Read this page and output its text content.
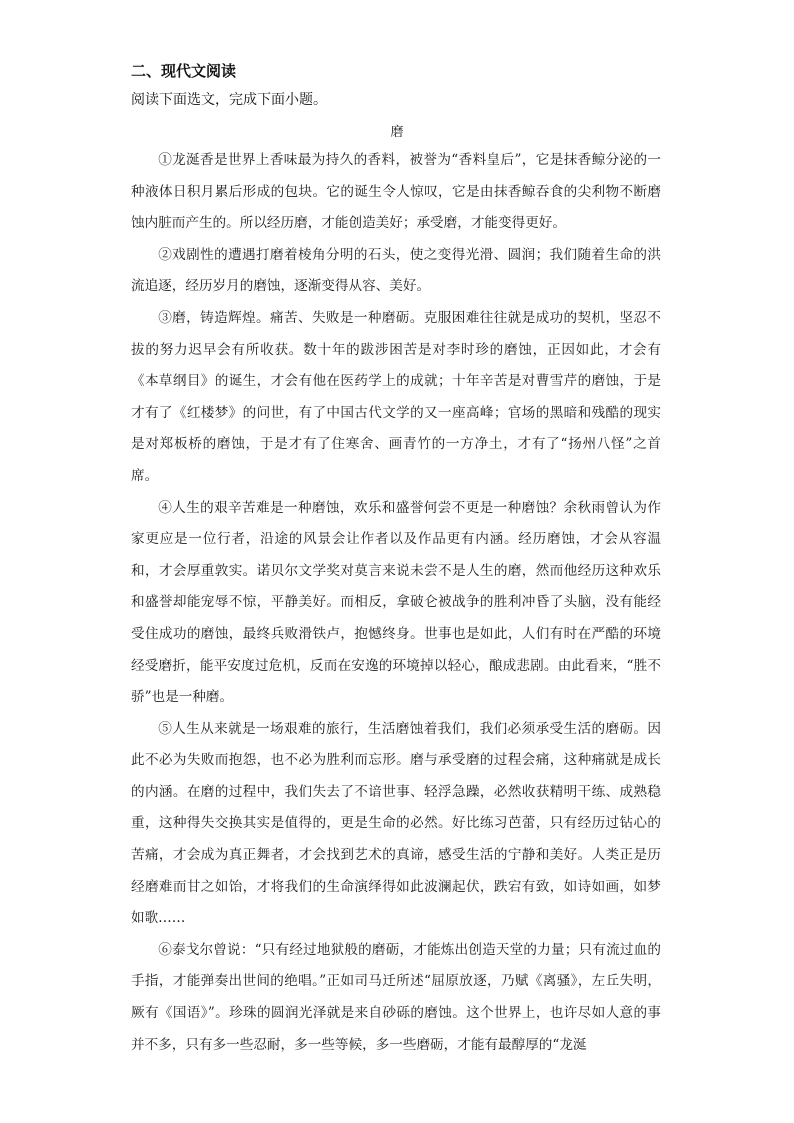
二、现代文阅读
阅读下面选文，完成下面小题。
磨

①龙涎香是世界上香味最为持久的香料，被誉为“香料皇后”，它是抹香鲸分泌的一种液体日积月累后形成的包块。它的诞生令人惊叹，它是由抹香鲸吞食的尖利物不断磨蚀内脏而产生的。所以经历磨，才能创造美好；承受磨，才能变得更好。

②戏剧性的遭遇打磨着棱角分明的石头，使之变得光滑、圆润；我们随着生命的洪流追逐，经历岁月的磨蚀，逐渐变得从容、美好。

③磨，铸造辉煌。痛苦、失败是一种磨砺。克服困难往往就是成功的契机，坚忍不拔的努力迟早会有所收获。数十年的跋涉困苦是对李时珍的磨蚀，正因如此，才会有《本草纲目》的诞生，才会有他在医药学上的成就；十年辛苦是对曹雪芹的磨蚀，于是才有了《红楼梦》的问世，有了中国古代文学的又一座高峰；官场的黑暗和残酷的现实是对郑板桥的磨蚀，于是才有了住寒舍、画青竹的一方净土，才有了“扬州八怪”之首席。

④人生的艰辛苦难是一种磨蚀，欢乐和盛誉何尝不更是一种磨蚀？余秋雨曾认为作家更应是一位行者，沿途的风景会让作者以及作品更有内涵。经历磨蚀，才会从容温和，才会厚重敦实。诺贝尔文学奖对莫言来说未尝不是人生的磨，然而他经历这种欢乐和盛誉却能宠辱不惊，平静美好。而相反，拿破仑被战争的胜利冲昏了头脑，没有能经受住成功的磨蚀，最终兵败滑铁卢，抱憾终身。世事也是如此，人们有时在严酷的环境经受磨折，能平安度过危机，反而在安逸的环境掉以轻心，酿成悲剧。由此看来，“胜不骄”也是一种磨。

⑤人生从来就是一场艰难的旅行，生活磨蚀着我们，我们必须承受生活的磨砺。因此不必为失败而抱怨，也不必为胜利而忘形。磨与承受磨的过程会痛，这种痛就是成长的内涵。在磨的过程中，我们失去了不谙世事、轻浮急躁，必然收获精明干练、成熟稳重，这种得失交换其实是值得的，更是生命的必然。好比练习芭蕾，只有经历过钻心的苦痛，才会成为真正舞者，才会找到艺术的真谛，感受生活的宁静和美好。人类正是历经磨难而甘之如饴，才将我们的生命演绎得如此波澜起伏，跌宕有致，如诗如画，如梦如歌……

⑥泰戈尔曾说：“只有经过地狱般的磨砺，才能炼出创造天堂的力量；只有流过血的手指，才能弹奏出世间的绝唱。”正如司马迁所述“屈原放逐，乃赋《离骚》，左丘失明，厥有《国语》”。珍珠的圆润光泽就是来自砂砾的磨蚀。这个世界上，也许尽如人意的事并不多，只有多一些忍耐，多一些等候，多一些磨砺，才能有最醇厚的“龙涎
